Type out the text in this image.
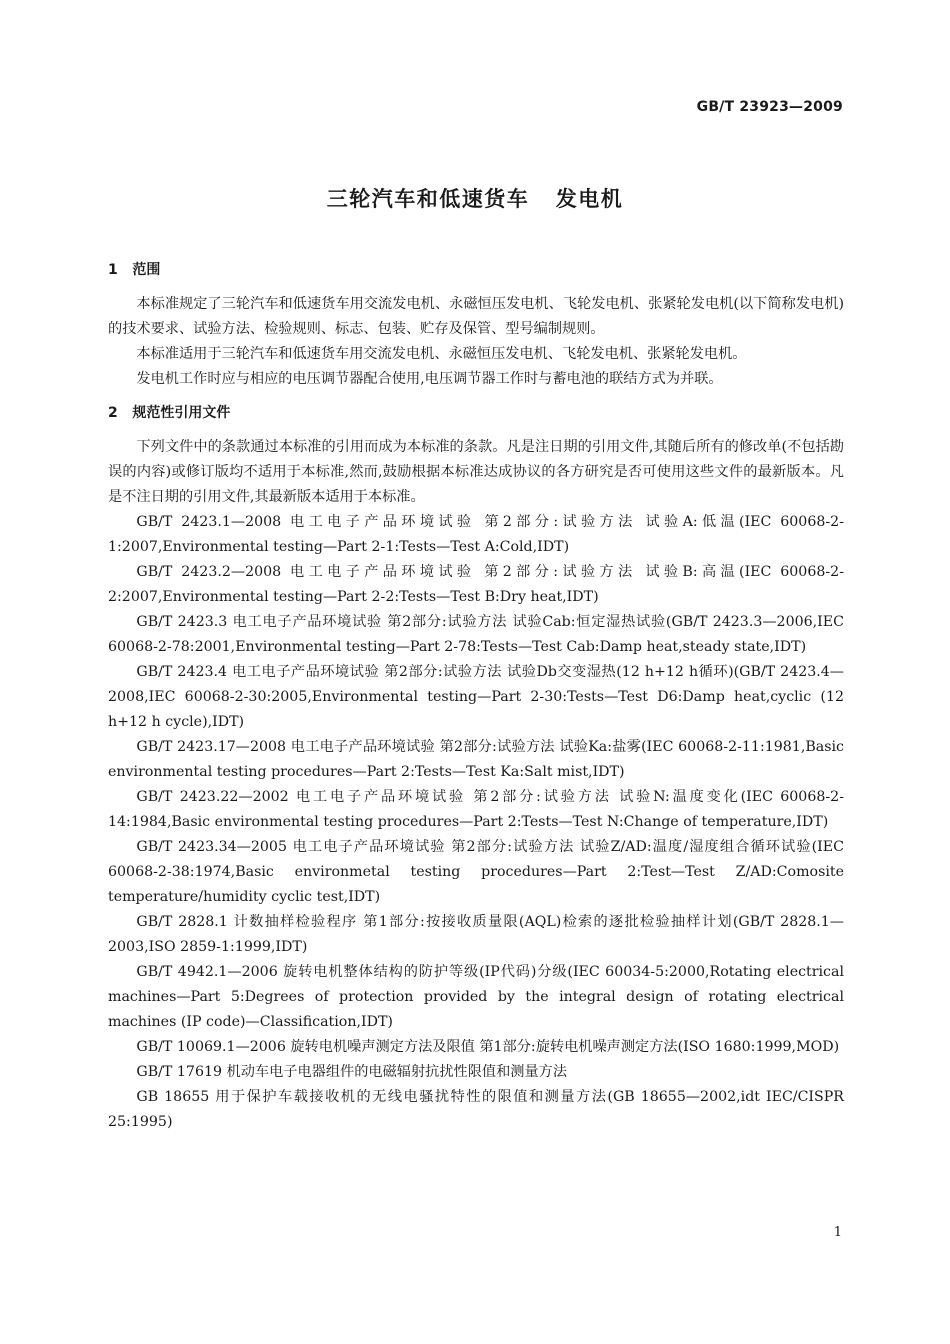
GB/T 23923—2009
三轮汽车和低速货车   发电机
1   范围

本标准规定了三轮汽车和低速货车用交流发电机、永磁恒压发电机、飞轮发电机、张紧轮发电机(以下简称发电机)的技术要求、试验方法、检验规则、标志、包装、贮存及保管、型号编制规则。

本标准适用于三轮汽车和低速货车用交流发电机、永磁恒压发电机、飞轮发电机、张紧轮发电机。

发电机工作时应与相应的电压调节器配合使用,电压调节器工作时与蓄电池的联结方式为并联。

2   规范性引用文件

下列文件中的条款通过本标准的引用而成为本标准的条款。凡是注日期的引用文件,其随后所有的修改单(不包括勘误的内容)或修订版均不适用于本标准,然而,鼓励根据本标准达成协议的各方研究是否可使用这些文件的最新版本。凡是不注日期的引用文件,其最新版本适用于本标准。

GB/T 2423.1—2008 电工电子产品环境试验 第2部分:试验方法 试验A:低温(IEC 60068-2-1:2007,Environmental testing—Part 2-1:Tests—Test A:Cold,IDT)

GB/T 2423.2—2008 电工电子产品环境试验 第2部分:试验方法 试验B:高温(IEC 60068-2-2:2007,Environmental testing—Part 2-2:Tests—Test B:Dry heat,IDT)

GB/T 2423.3 电工电子产品环境试验 第2部分:试验方法 试验Cab:恒定湿热试验(GB/T 2423.3—2006,IEC 60068-2-78:2001,Environmental testing—Part 2-78:Tests—Test Cab:Damp heat,steady state,IDT)

GB/T 2423.4 电工电子产品环境试验 第2部分:试验方法 试验Db交变湿热(12 h+12 h循环)(GB/T 2423.4—2008,IEC 60068-2-30:2005,Environmental testing—Part 2-30:Tests—Test D6:Damp heat,cyclic (12 h+12 h cycle),IDT)

GB/T 2423.17—2008 电工电子产品环境试验 第2部分:试验方法 试验Ka:盐雾(IEC 60068-2-11:1981,Basic environmental testing procedures—Part 2:Tests—Test Ka:Salt mist,IDT)

GB/T 2423.22—2002 电工电子产品环境试验 第2部分:试验方法 试验N:温度变化(IEC 60068-2-14:1984,Basic environmental testing procedures—Part 2:Tests—Test N:Change of temperature,IDT)

GB/T 2423.34—2005 电工电子产品环境试验 第2部分:试验方法 试验Z/AD:温度/湿度组合循环试验(IEC 60068-2-38:1974,Basic environmetal testing procedures—Part 2:Test—Test Z/AD:Comosite temperature/humidity cyclic test,IDT)

GB/T 2828.1 计数抽样检验程序 第1部分:按接收质量限(AQL)检索的逐批检验抽样计划(GB/T 2828.1—2003,ISO 2859-1:1999,IDT)

GB/T 4942.1—2006 旋转电机整体结构的防护等级(IP代码)分级(IEC 60034-5:2000,Rotating electrical machines—Part 5:Degrees of protection provided by the integral design of rotating electrical machines (IP code)—Classification,IDT)

GB/T 10069.1—2006 旋转电机噪声测定方法及限值 第1部分:旋转电机噪声测定方法(ISO 1680:1999,MOD)

GB/T 17619 机动车电子电器组件的电磁辐射抗扰性限值和测量方法

GB 18655 用于保护车载接收机的无线电骚扰特性的限值和测量方法(GB 18655—2002,idt IEC/CISPR 25:1995)

1
